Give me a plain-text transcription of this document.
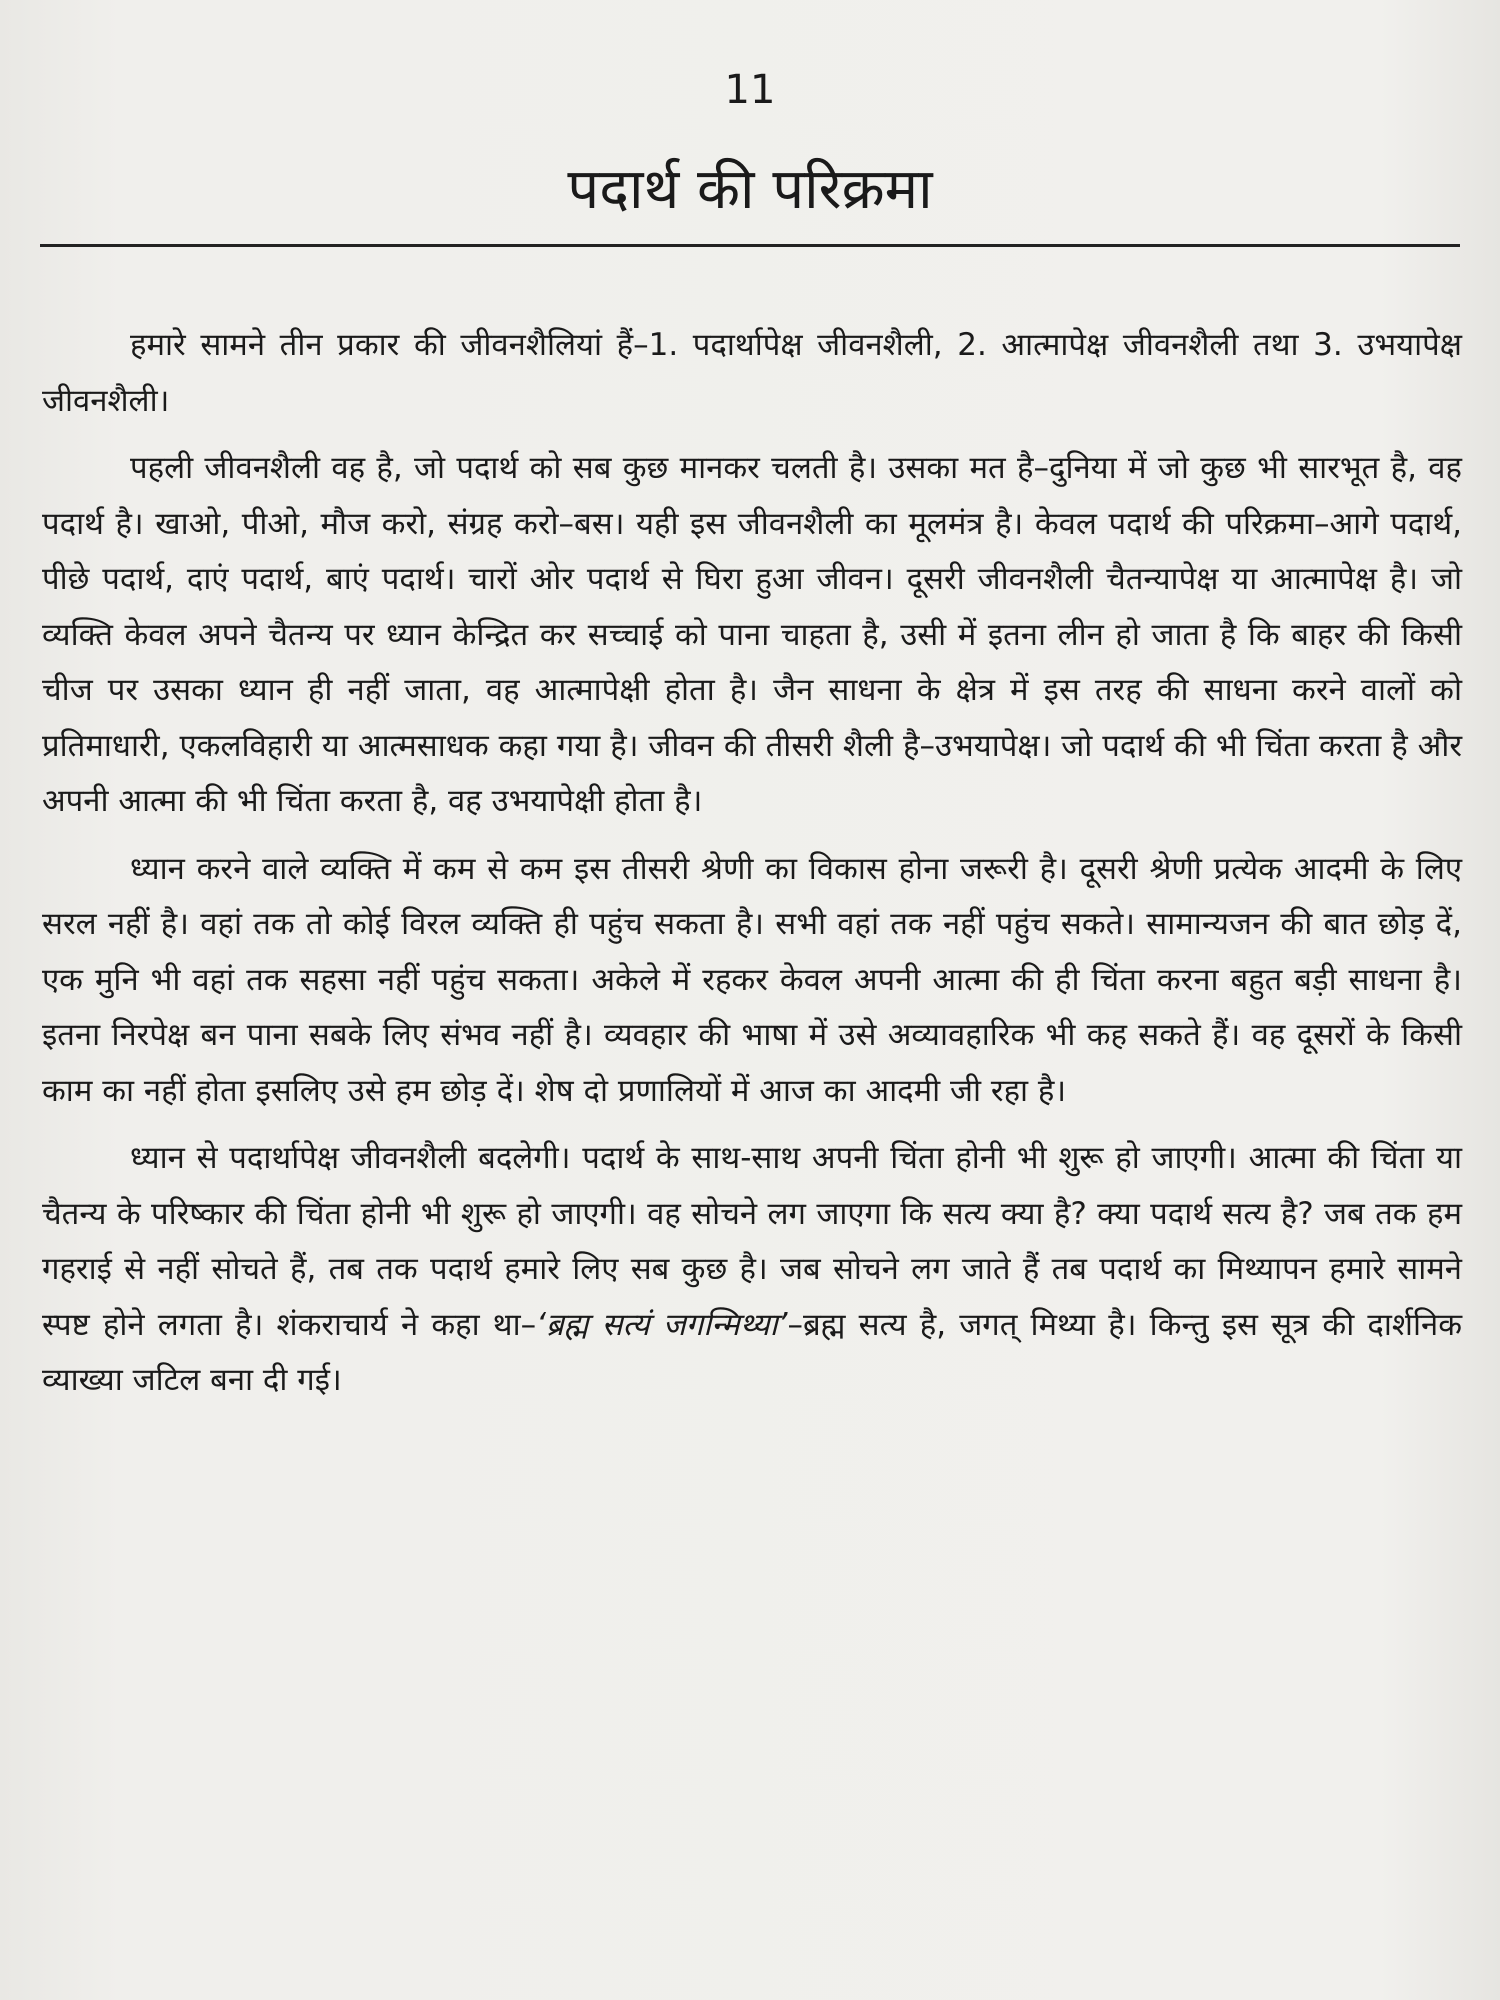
11
पदार्थ की परिक्रमा

हमारे सामने तीन प्रकार की जीवनशैलियां हैं–1. पदार्थापेक्ष जीवनशैली, 2. आत्मापेक्ष जीवनशैली तथा 3. उभयापेक्ष जीवनशैली।

पहली जीवनशैली वह है, जो पदार्थ को सब कुछ मानकर चलती है। उसका मत है–दुनिया में जो कुछ भी सारभूत है, वह पदार्थ है। खाओ, पीओ, मौज करो, संग्रह करो–बस। यही इस जीवनशैली का मूलमंत्र है। केवल पदार्थ की परिक्रमा–आगे पदार्थ, पीछे पदार्थ, दाएं पदार्थ, बाएं पदार्थ। चारों ओर पदार्थ से घिरा हुआ जीवन। दूसरी जीवनशैली चैतन्यापेक्ष या आत्मापेक्ष है। जो व्यक्ति केवल अपने चैतन्य पर ध्यान केन्द्रित कर सच्चाई को पाना चाहता है, उसी में इतना लीन हो जाता है कि बाहर की किसी चीज पर उसका ध्यान ही नहीं जाता, वह आत्मापेक्षी होता है। जैन साधना के क्षेत्र में इस तरह की साधना करने वालों को प्रतिमाधारी, एकलविहारी या आत्मसाधक कहा गया है। जीवन की तीसरी शैली है–उभयापेक्ष। जो पदार्थ की भी चिंता करता है और अपनी आत्मा की भी चिंता करता है, वह उभयापेक्षी होता है।

ध्यान करने वाले व्यक्ति में कम से कम इस तीसरी श्रेणी का विकास होना जरूरी है। दूसरी श्रेणी प्रत्येक आदमी के लिए सरल नहीं है। वहां तक तो कोई विरल व्यक्ति ही पहुंच सकता है। सभी वहां तक नहीं पहुंच सकते। सामान्यजन की बात छोड़ दें, एक मुनि भी वहां तक सहसा नहीं पहुंच सकता। अकेले में रहकर केवल अपनी आत्मा की ही चिंता करना बहुत बड़ी साधना है। इतना निरपेक्ष बन पाना सबके लिए संभव नहीं है। व्यवहार की भाषा में उसे अव्यावहारिक भी कह सकते हैं। वह दूसरों के किसी काम का नहीं होता इसलिए उसे हम छोड़ दें। शेष दो प्रणालियों में आज का आदमी जी रहा है।

ध्यान से पदार्थापेक्ष जीवनशैली बदलेगी। पदार्थ के साथ-साथ अपनी चिंता होनी भी शुरू हो जाएगी। आत्मा की चिंता या चैतन्य के परिष्कार की चिंता होनी भी शुरू हो जाएगी। वह सोचने लग जाएगा कि सत्य क्या है? क्या पदार्थ सत्य है? जब तक हम गहराई से नहीं सोचते हैं, तब तक पदार्थ हमारे लिए सब कुछ है। जब सोचने लग जाते हैं तब पदार्थ का मिथ्यापन हमारे सामने स्पष्ट होने लगता है। शंकराचार्य ने कहा था–‘ब्रह्म सत्यं जगन्मिथ्या’–ब्रह्म सत्य है, जगत् मिथ्या है। किन्तु इस सूत्र की दार्शनिक व्याख्या जटिल बना दी गई।
